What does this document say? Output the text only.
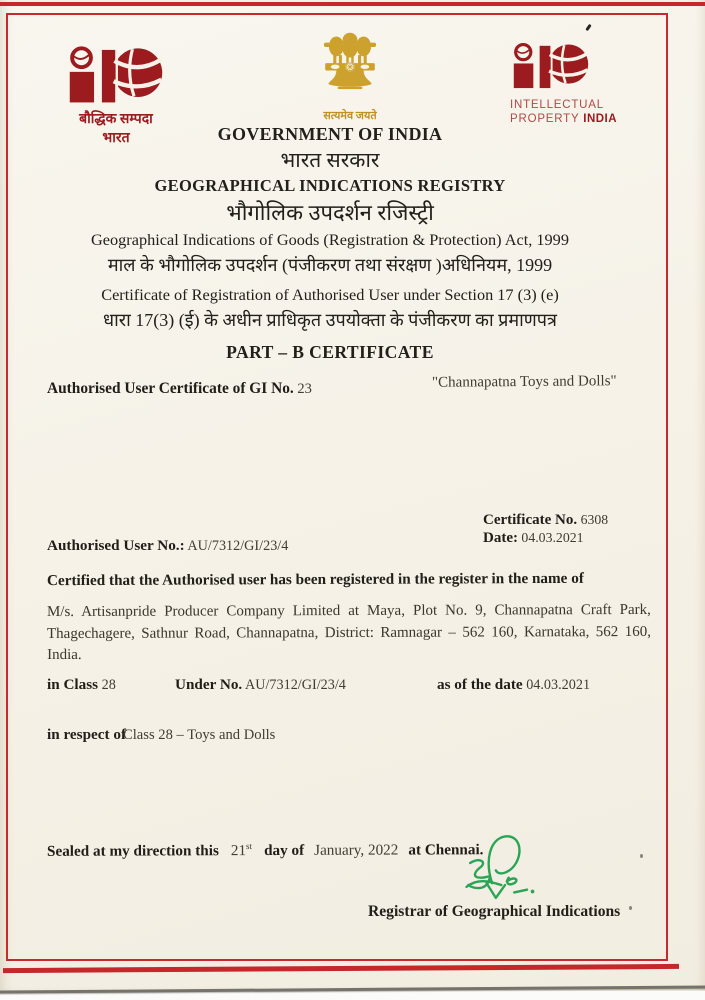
बौद्धिक सम्पदा
भारत
सत्यमेव जयते
INTELLECTUAL
PROPERTY INDIA
GOVERNMENT OF INDIA
भारत सरकार
GEOGRAPHICAL INDICATIONS REGISTRY
भौगोलिक उपदर्शन रजिस्ट्री
Geographical Indications of Goods (Registration & Protection) Act, 1999
माल के भौगोलिक उपदर्शन (पंजीकरण तथा संरक्षण )अधिनियम, 1999
Certificate of Registration of Authorised User under Section 17 (3) (e)
धारा 17(3) (ई) के अधीन प्राधिकृत उपयोक्ता के पंजीकरण का प्रमाणपत्र
PART – B CERTIFICATE
Authorised User Certificate of GI No. 23	"Channapatna Toys and Dolls"
Certificate No. 6308
Date: 04.03.2021
Authorised User No.: AU/7312/GI/23/4
Certified that the Authorised user has been registered in the register in the name of
M/s. Artisanpride Producer Company Limited at Maya, Plot No. 9, Channapatna Craft Park, Thagechagere, Sathnur Road, Channapatna, District: Ramnagar – 562 160, Karnataka, 562 160, India.
in Class 28	Under No. AU/7312/GI/23/4	as of the date 04.03.2021
in respect of
Class 28 – Toys and Dolls
Sealed at my direction this 21st day of January, 2022 at Chennai.
Registrar of Geographical Indications
